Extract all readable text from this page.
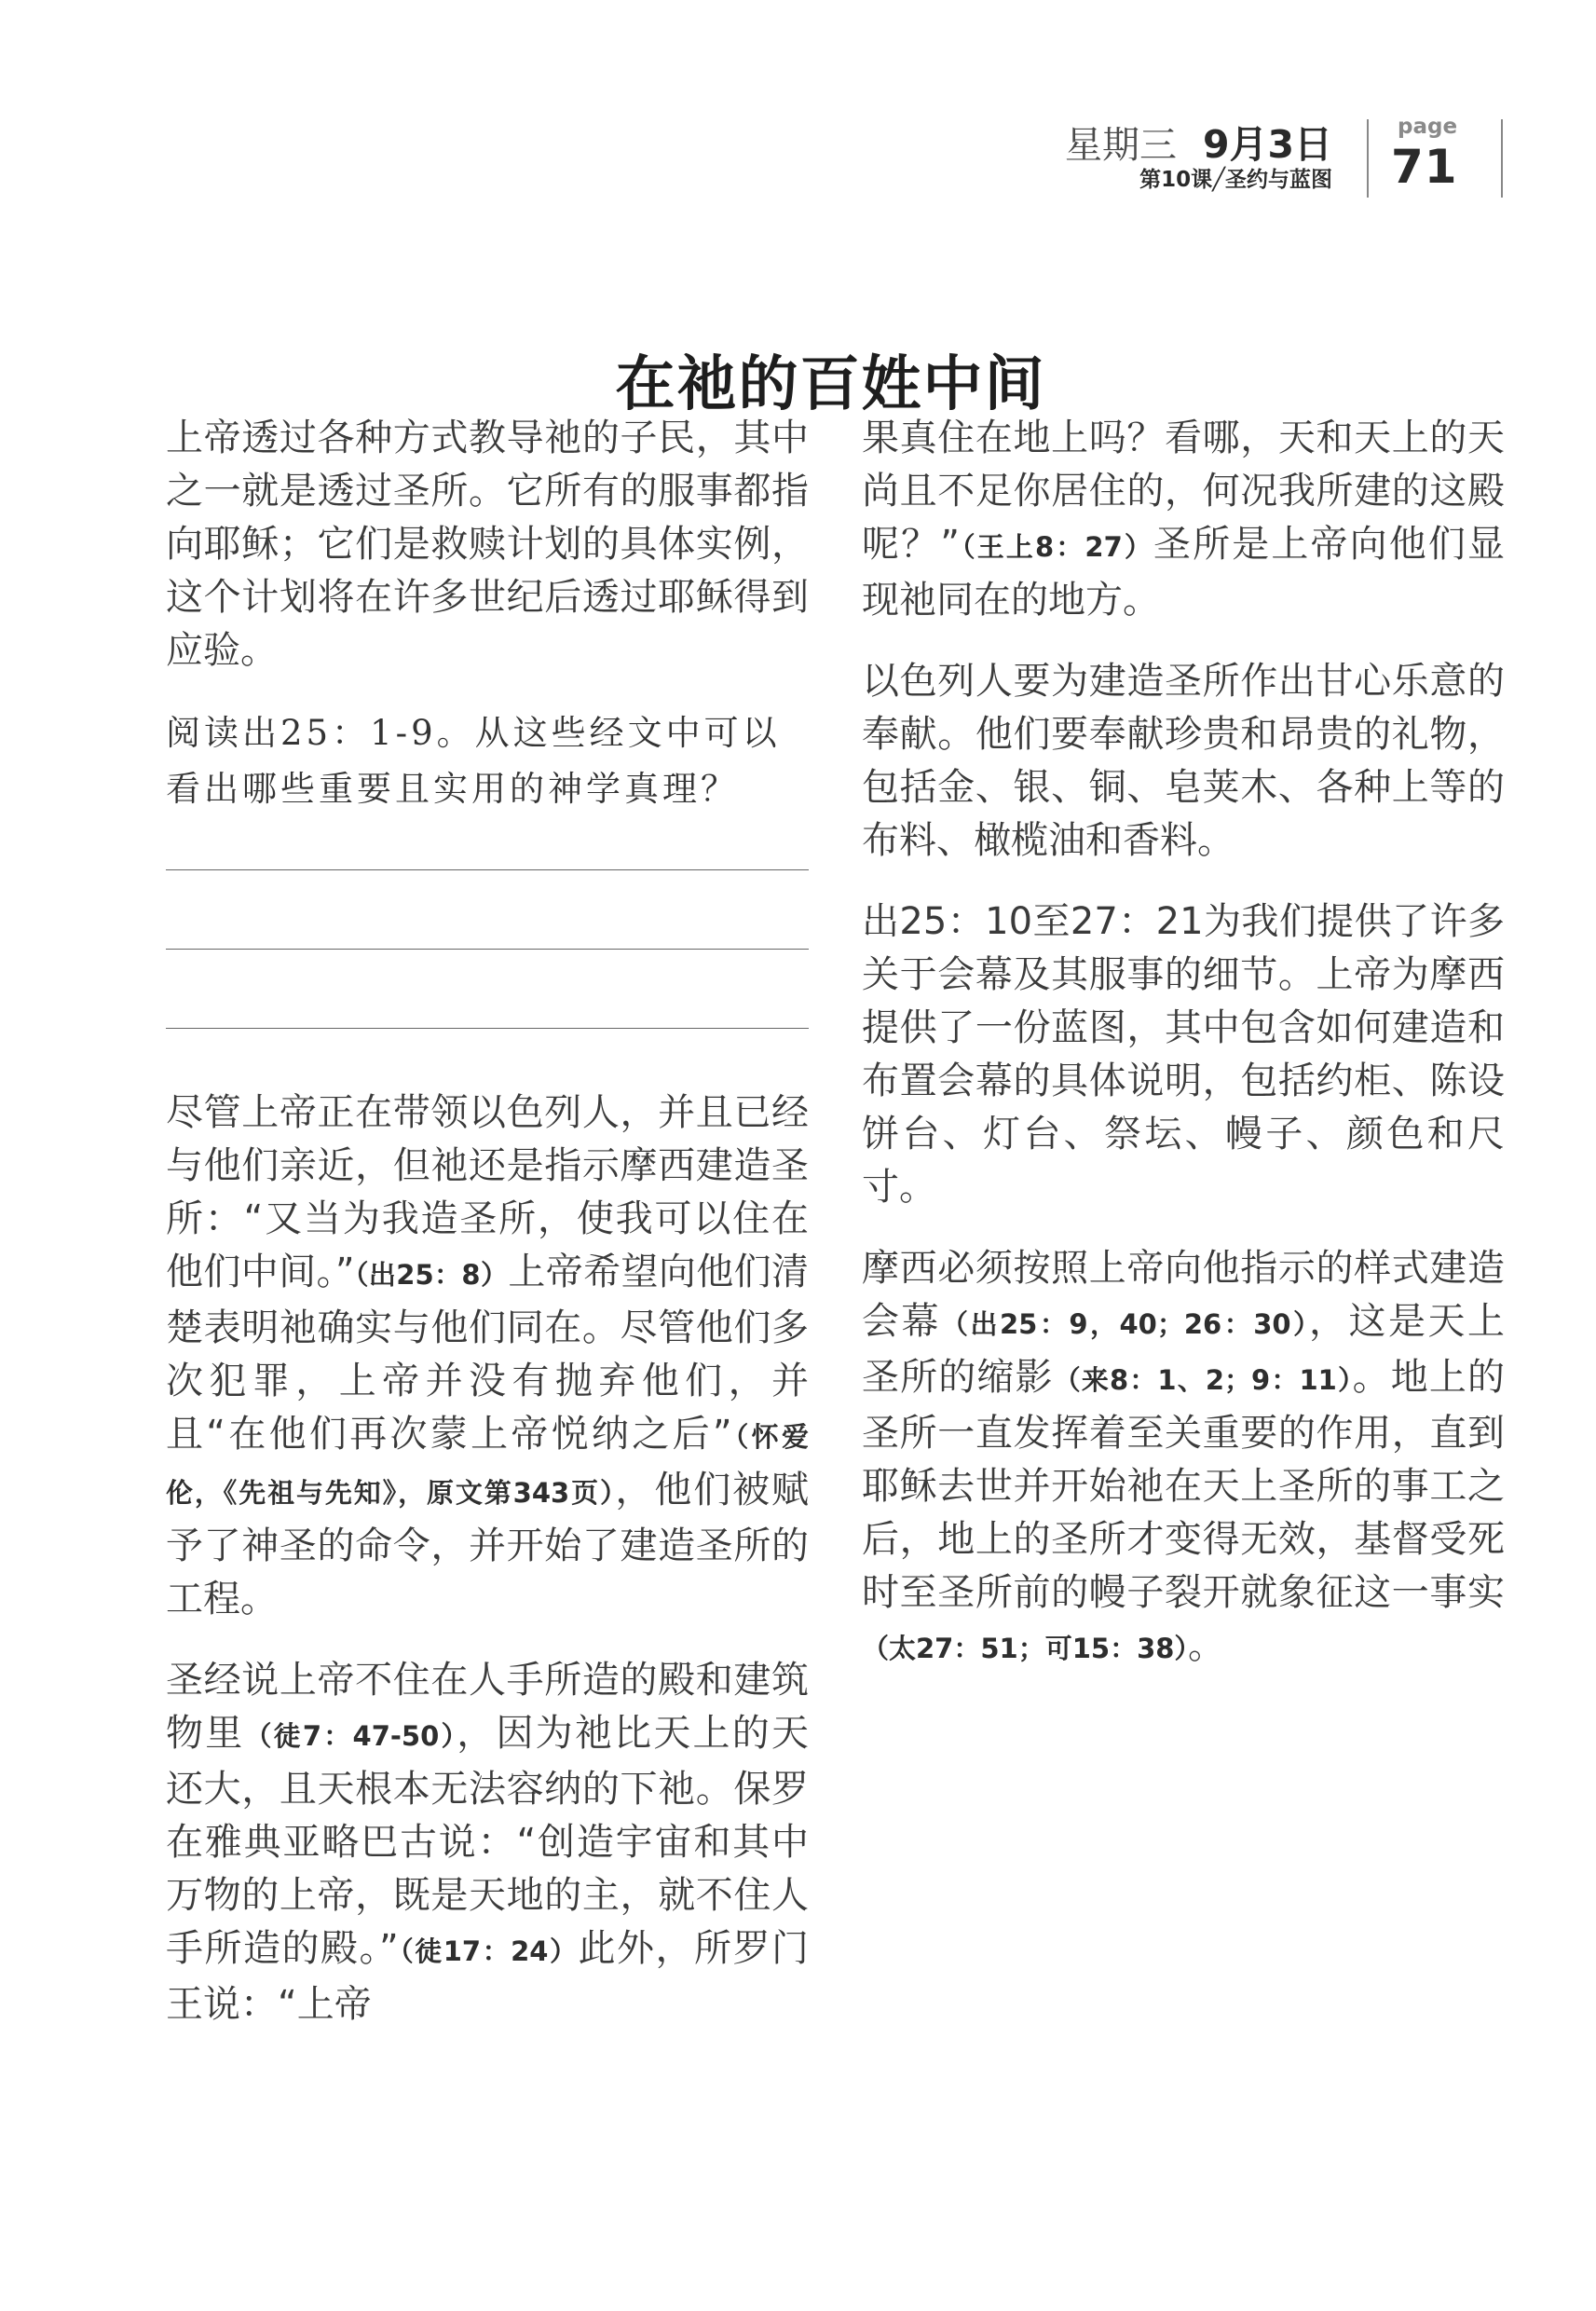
星期三 9月3日
第10课╱圣约与蓝图
page
71
在祂的百姓中间

上帝透过各种方式教导祂的子民，其中之一就是透过圣所。它所有的服事都指向耶稣；它们是救赎计划的具体实例，这个计划将在许多世纪后透过耶稣得到应验。

阅读出25：1-9。从这些经文中可以看出哪些重要且实用的神学真理？

尽管上帝正在带领以色列人，并且已经与他们亲近，但祂还是指示摩西建造圣所：“又当为我造圣所，使我可以住在他们中间。”（出25：8）上帝希望向他们清楚表明祂确实与他们同在。尽管他们多次犯罪，上帝并没有抛弃他们，并且“在他们再次蒙上帝悦纳之后”（怀爱伦，《先祖与先知》，原文第343页），他们被赋予了神圣的命令，并开始了建造圣所的工程。

圣经说上帝不住在人手所造的殿和建筑物里（徒7：47-50），因为祂比天上的天还大，且天根本无法容纳的下祂。保罗在雅典亚略巴古说：“创造宇宙和其中万物的上帝，既是天地的主，就不住人手所造的殿。”（徒17：24）此外，所罗门王说：“上帝

果真住在地上吗？看哪，天和天上的天尚且不足你居住的，何况我所建的这殿呢？”（王上8：27）圣所是上帝向他们显现祂同在的地方。

以色列人要为建造圣所作出甘心乐意的奉献。他们要奉献珍贵和昂贵的礼物，包括金、银、铜、皂荚木、各种上等的布料、橄榄油和香料。

出25：10至27：21为我们提供了许多关于会幕及其服事的细节。上帝为摩西提供了一份蓝图，其中包含如何建造和布置会幕的具体说明，包括约柜、陈设饼台、灯台、祭坛、幔子、颜色和尺寸。

摩西必须按照上帝向他指示的样式建造会幕（出25：9，40；26：30），这是天上圣所的缩影（来8：1、2；9：11）。地上的圣所一直发挥着至关重要的作用，直到耶稣去世并开始祂在天上圣所的事工之后，地上的圣所才变得无效，基督受死时至圣所前的幔子裂开就象征这一事实（太27：51；可15：38）。
